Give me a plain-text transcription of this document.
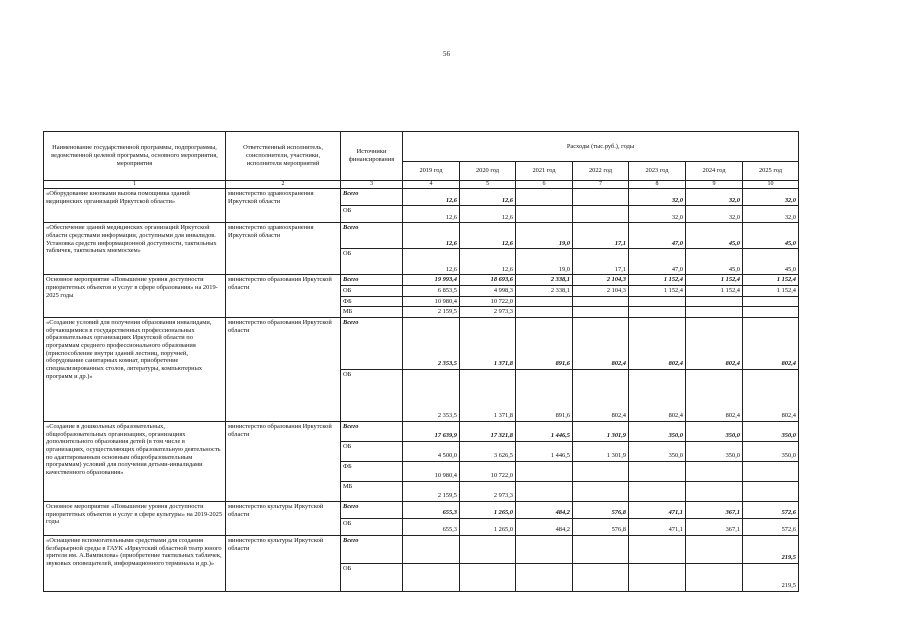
56
Наименование государственной программы, подпрограммы, ведомственной целевой программы, основного мероприятия, мероприятия	Ответственный исполнитель, соисполнители, участники, исполнители мероприятий	Источники финансирования	Расходы (тыс.руб.), годы						
			2019 год	2020 год	2021 год	2022 год	2023 год	2024 год	2025 год
1	2	3	4	5	6	7	8	9	10
«Оборудование кнопками вызова помощника зданий медицинских организаций Иркутской области»	министерство здравоохранения Иркутской области	Всего	12,6	12,6			32,0	32,0	32,0
		ОБ	12,6	12,6			32,0	32,0	32,0
«Обеспечение зданий медицинских организаций Иркутской области средствами информации, доступными для инвалидов. Установка средств информационной доступности, тактильных табличек, тактильных мнемосхем»	министерство здравоохранения Иркутской области	Всего	12,6	12,6	19,0	17,1	47,0	45,0	45,0
		ОБ	12,6	12,6	19,0	17,1	47,0	45,0	45,0
Основное мероприятие «Повышение уровня доступности приоритетных объектов и услуг в сфере образования» на 2019-2025 годы	министерство образования Иркутской области	Всего	19 993,4	18 693,6	2 338,1	2 104,3	1 152,4	1 152,4	1 152,4
		ОБ	6 853,5	4 998,3	2 338,1	2 104,3	1 152,4	1 152,4	1 152,4
		ФБ	10 980,4	10 722,0					
		МБ	2 159,5	2 973,3					
«Создание условий для получения образования инвалидами, обучающимися в государственных профессиональных образовательных организациях Иркутской области по программам среднего профессионального образования (приспособление внутри зданий лестниц, поручней, оборудование санитарных комнат, приобретение специализированных столов, литературы, компьютерных программ и др.)»	министерство образования Иркутской области	Всего	2 353,5	1 371,8	891,6	802,4	802,4	802,4	802,4
		ОБ	2 353,5	1 371,8	891,6	802,4	802,4	802,4	802,4
«Создание в дошкольных образовательных, общеобразовательных организациях, организациях дополнительного образования детей (в том числе в организациях, осуществляющих образовательную деятельность по адаптированным основным общеобразовательным программам) условий для получения детьми-инвалидами качественного образования»	министерство образования Иркутской области	Всего	17 639,9	17 321,8	1 446,5	1 301,9	350,0	350,0	350,0
		ОБ	4 500,0	3 626,5	1 446,5	1 301,9	350,0	350,0	350,0
		ФБ	10 980,4	10 722,0					
		МБ	2 159,5	2 973,3					
Основное мероприятие «Повышение уровня доступности приоритетных объектов и услуг в сфере культуры» на 2019-2025 годы	министерство культуры Иркутской области	Всего	655,3	1 265,0	484,2	576,8	471,1	367,1	572,6
		ОБ	655,3	1 265,0	484,2	576,8	471,1	367,1	572,6
«Оснащение вспомогательными средствами для создания безбарьерной среды в ГАУК «Иркутский областной театр юного зрителя им. А.Вампилова» (приобретение тактильных табличек, звуковых оповещателей, информационного терминала и др.)»	министерство культуры Иркутской области	Всего							219,5
		ОБ							219,5
